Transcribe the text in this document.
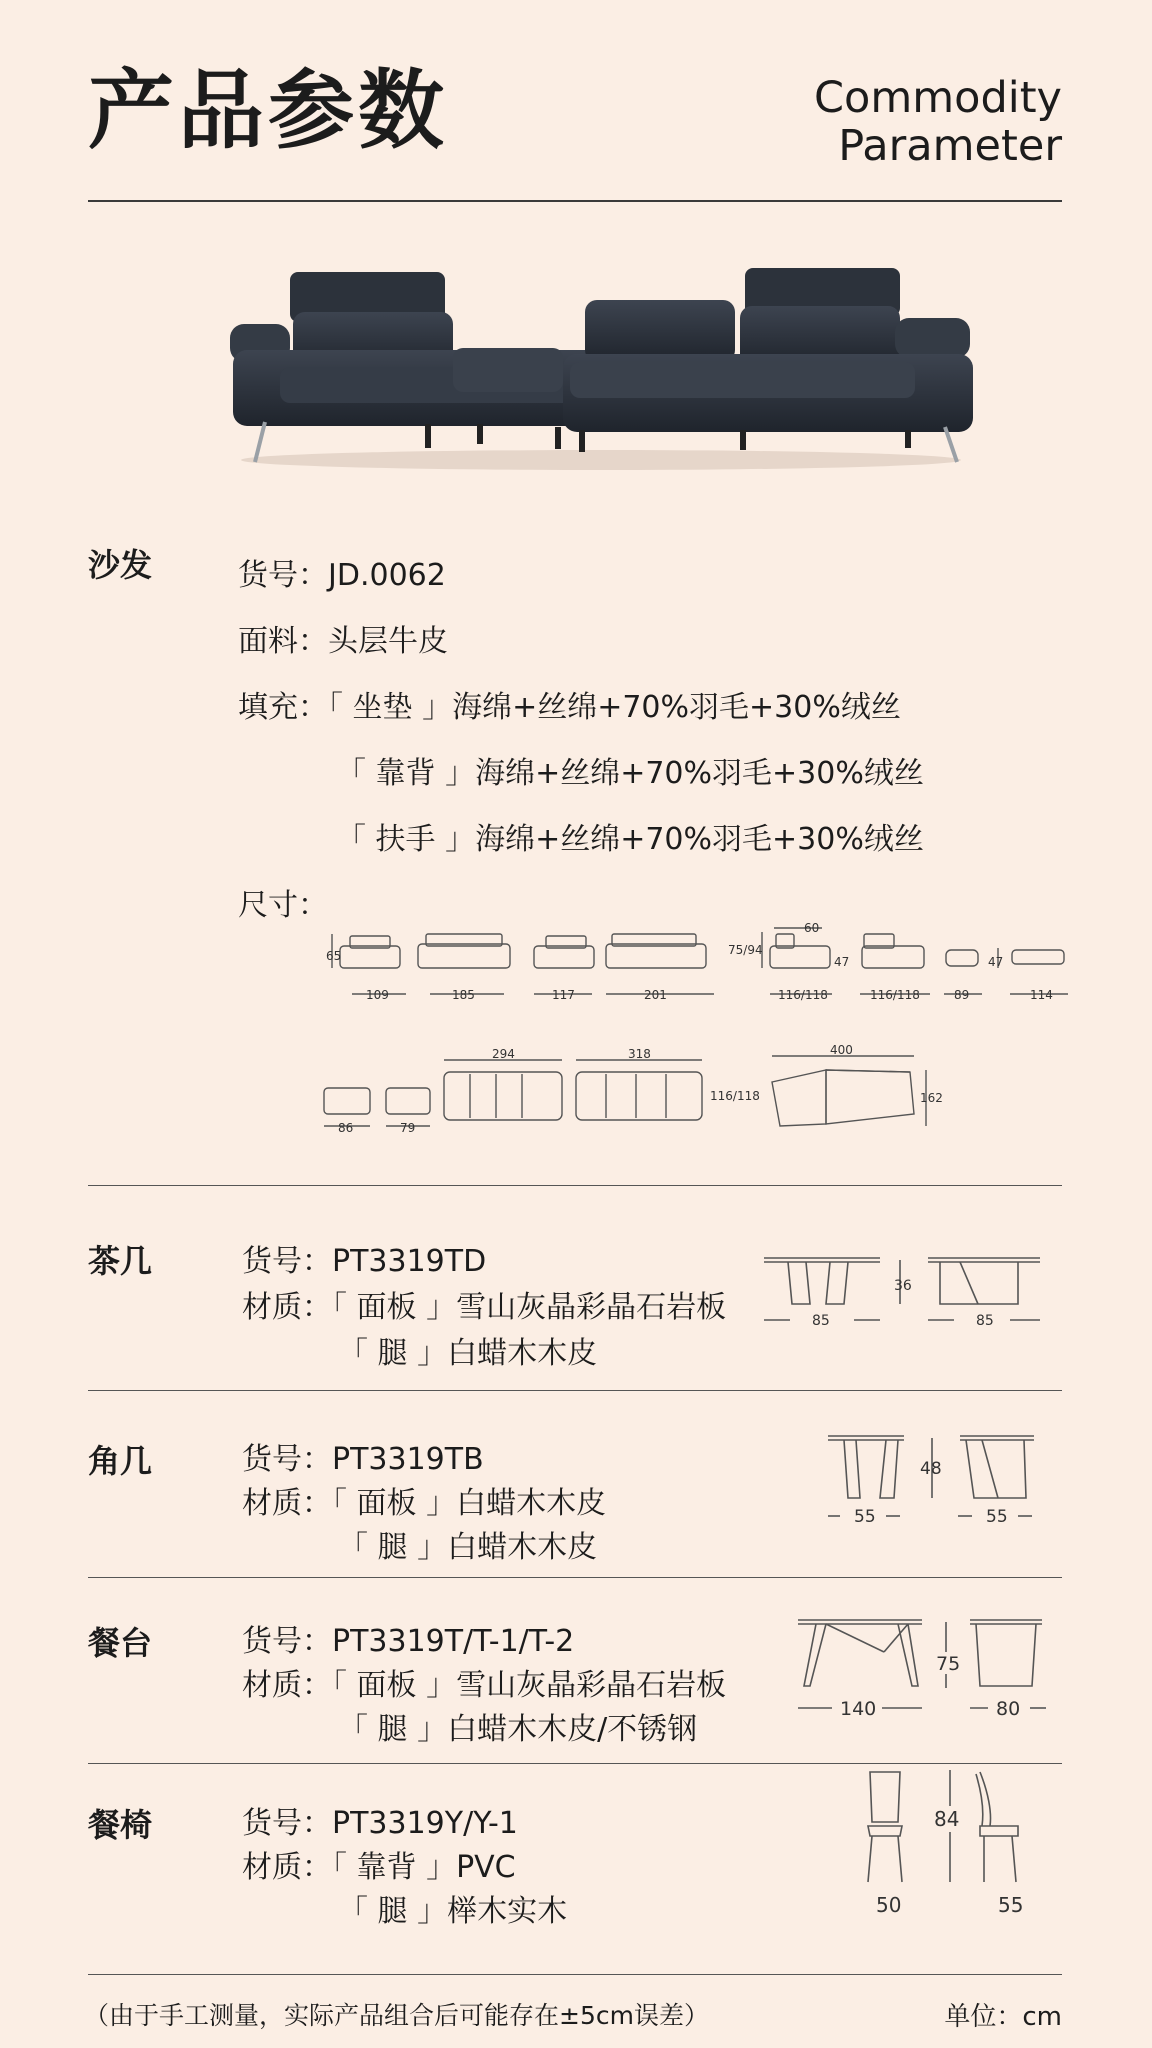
产品参数	Commodity
Parameter
沙发	货号：JD.0062
面料：头层牛皮
填充：「 坐垫 」海绵+丝绵+70%羽毛+30%绒丝
「 靠背 」海绵+丝绵+70%羽毛+30%绒丝
「 扶手 」海绵+丝绵+70%羽毛+30%绒丝
尺寸：
65
109	185	117	201
75/94
60
47
116/118	116/118	89
47
114
86	79
294	318
116/118
400
162
茶几	货号：PT3319TD
材质：「 面板 」雪山灰晶彩晶石岩板
「 腿 」白蜡木木皮
85
36
85
角几	货号：PT3319TB
材质：「 面板 」白蜡木木皮
「 腿 」白蜡木木皮
55
48
55
餐台	货号：PT3319T/T-1/T-2
材质：「 面板 」雪山灰晶彩晶石岩板
「 腿 」白蜡木木皮/不锈钢
140
75
80
餐椅	货号：PT3319Y/Y-1
材质：「 靠背 」PVC
「 腿 」榉木实木	50
84
55
（由于手工测量，实际产品组合后可能存在±5cm误差）	单位：cm
